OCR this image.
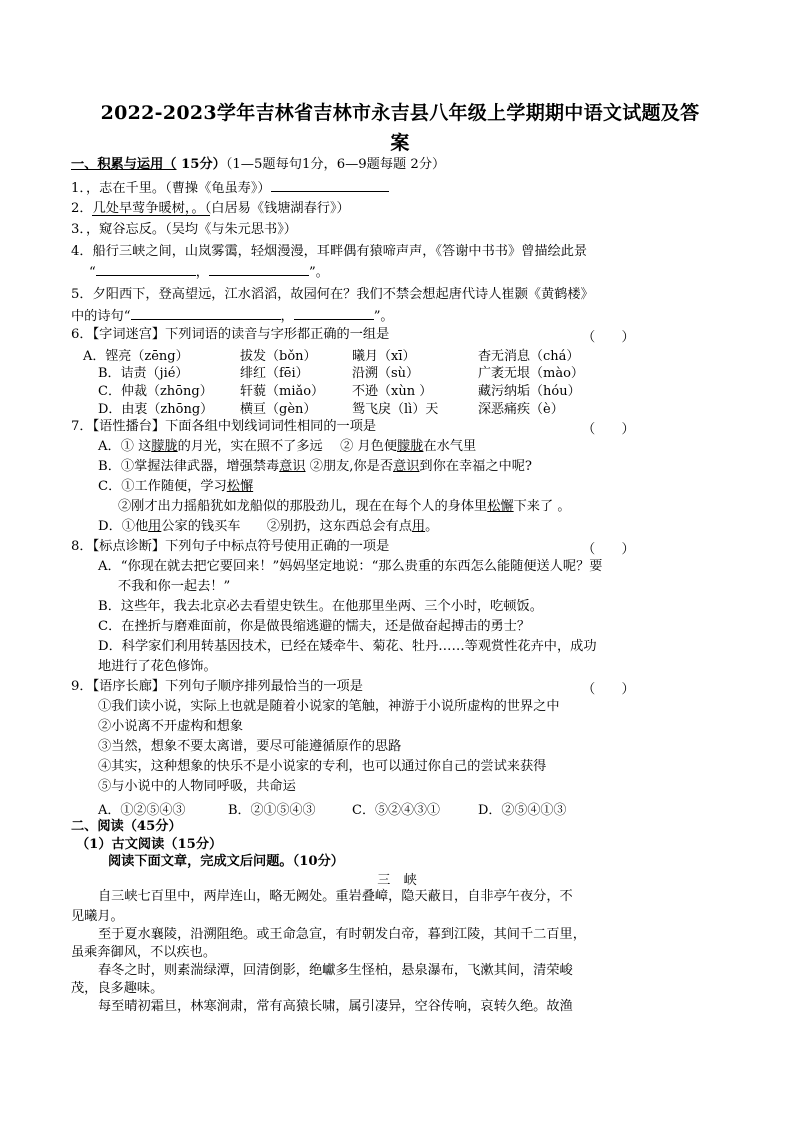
2022-2023学年吉林省吉林市永吉县八年级上学期期中语文试题及答
案
一、积累与运用（ 15分）（1—5题每句1分，6—9题每题 2分）
1．，志在千里。（曹操《龟虽寿》）
2．几处早莺争暖树，。（白居易《钱塘湖春行》）
3．，窥谷忘反。（吴均《与朱元思书》）
4．船行三峡之间，山岚雾霭，轻烟漫漫，耳畔偶有猿啼声声，《答谢中书书》曾描绘此景
“	，	”。
5．夕阳西下，登高望远，江水滔滔，故园何在？我们不禁会想起唐代诗人崔颢《黄鹤楼》
中的诗句“	，	”。
6．【字词迷宫】下列词语的读音与字形都正确的一组是	（　　）
A．铿亮（zēng）	拔发（bǒn）	曦月（xī）	杳无消息（chá）
B．诘责（jié）	绯红（fēi）	沿溯（sù）	广袤无垠（mào）
C．仲裁（zhōng） 轩藐（miǎo） 不逊（xùn ）	藏污纳垢（hóu）
D．由衷（zhōng） 横亘（gèn）	鸳飞戾（lì）天	深恶痛疾（è）
7．【语性播台】下面各组中划线词词性相同的一项是	（　　）
A．① 这朦胧的月光，实在照不了多远　 ② 月色便朦胧在水气里
B．①掌握法律武器，增强禁毒意识 ②朋友,你是否意识到你在幸福之中呢?
C．①工作随便，学习松懈
②刚才出力摇船犹如龙船似的那股劲儿，现在在每个人的身体里松懈下来了 。
D．①他用公家的钱买车　　②别扔，这东西总会有点用。
8．【标点诊断】下列句子中标点符号使用正确的一项是	（　　）
A．“你现在就去把它要回来！”妈妈坚定地说：“那么贵重的东西怎么能随便送人呢？要
不我和你一起去！”
B．这些年，我去北京必去看望史铁生。在他那里坐两、三个小时，吃顿饭。
C．在挫折与磨难面前，你是做畏缩逃避的懦夫，还是做奋起搏击的勇士？
D．科学家们利用转基因技术，已经在矮牵牛、菊花、牡丹……等观赏性花卉中，成功
地进行了花色修饰。
9．【语序长廊】下列句子顺序排列最恰当的一项是	（　　）
①我们读小说，实际上也就是随着小说家的笔触，神游于小说所虚构的世界之中
②小说离不开虚构和想象
③当然，想象不要太离谱，要尽可能遵循原作的思路
④其实，这种想象的快乐不是小说家的专利，也可以通过你自己的尝试来获得
⑤与小说中的人物同呼吸，共命运
A．①②⑤④③	B．②①⑤④③	C．⑤②④③①	D．②⑤④①③
二、阅读（45分）
（1）古文阅读（15分）
阅读下面文章，完成文后问题。（10分）
三　峡
自三峡七百里中，两岸连山，略无阙处。重岩叠嶂，隐天蔽日，自非亭午夜分，不
见曦月。
至于夏水襄陵，沿溯阻绝。或王命急宣，有时朝发白帝，暮到江陵，其间千二百里，
虽乘奔御风，不以疾也。
春冬之时，则素湍绿潭，回清倒影，绝巘多生怪柏，悬泉瀑布，飞漱其间，清荣峻
茂，良多趣味。
每至晴初霜旦，林寒涧肃，常有高猿长啸，属引凄异，空谷传响，哀转久绝。故渔
